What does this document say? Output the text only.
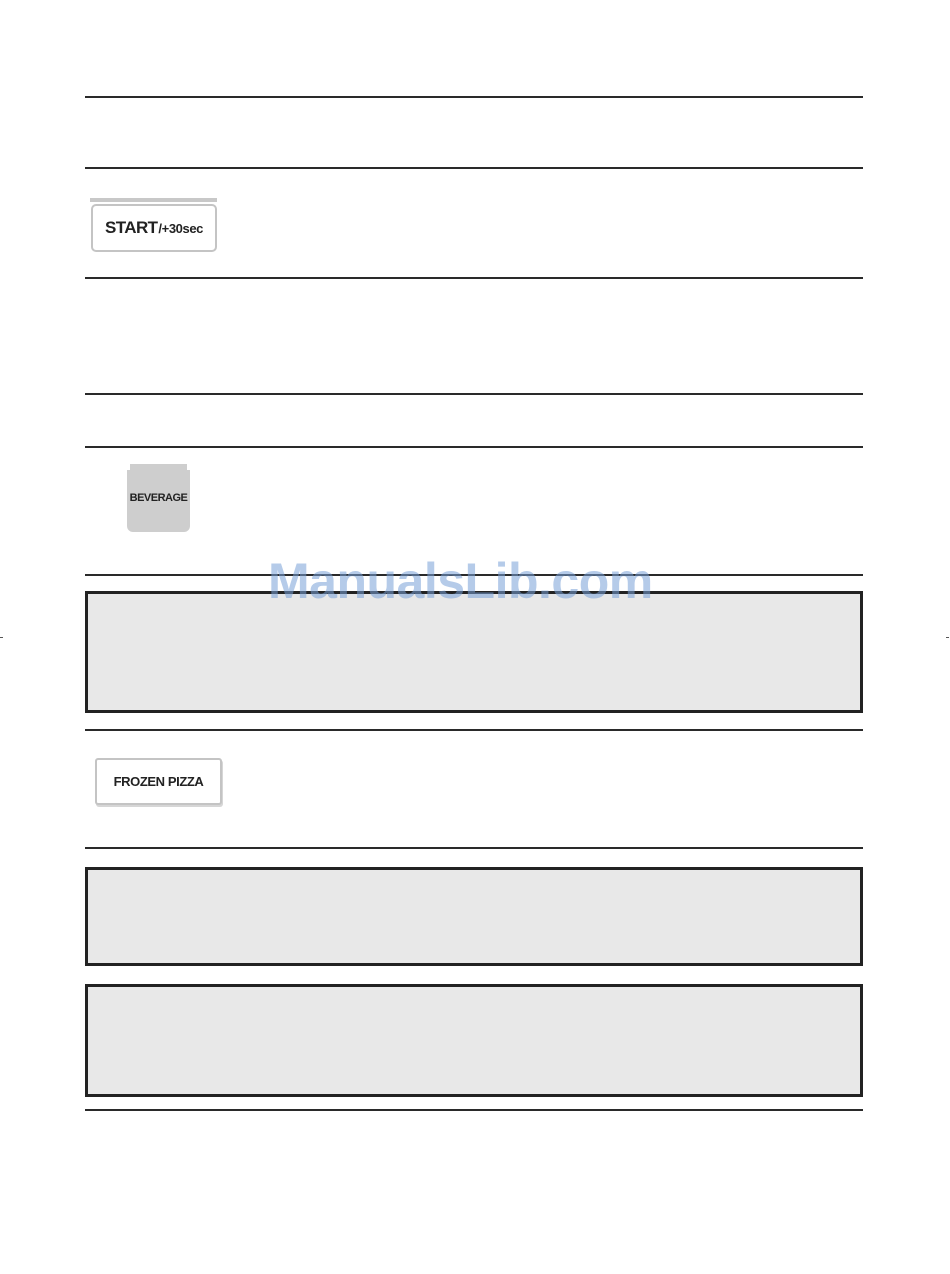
START /+30sec
BEVERAGE
ManualsLib.com
FROZEN PIZZA
